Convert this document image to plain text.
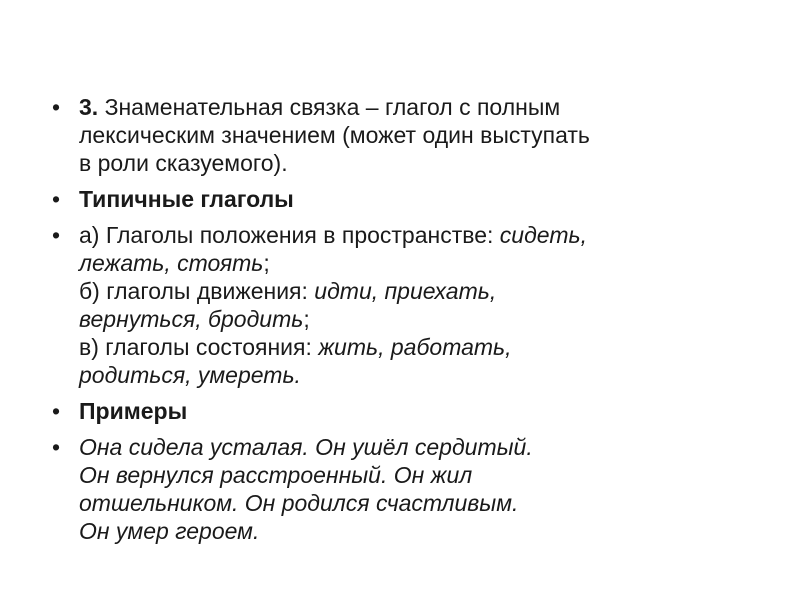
• 3. Знаменательная связка – глагол с полным
лексическим значением (может один выступать
в роли сказуемого).
• Типичные глаголы
• а) Глаголы положения в пространстве: сидеть,
лежать, стоять;
б) глаголы движения: идти, приехать,
вернуться, бродить;
в) глаголы состояния: жить, работать,
родиться, умереть.
• Примеры
• Она сидела усталая. Он ушёл сердитый.
Он вернулся расстроенный. Он жил
отшельником. Он родился счастливым.
Он умер героем.
